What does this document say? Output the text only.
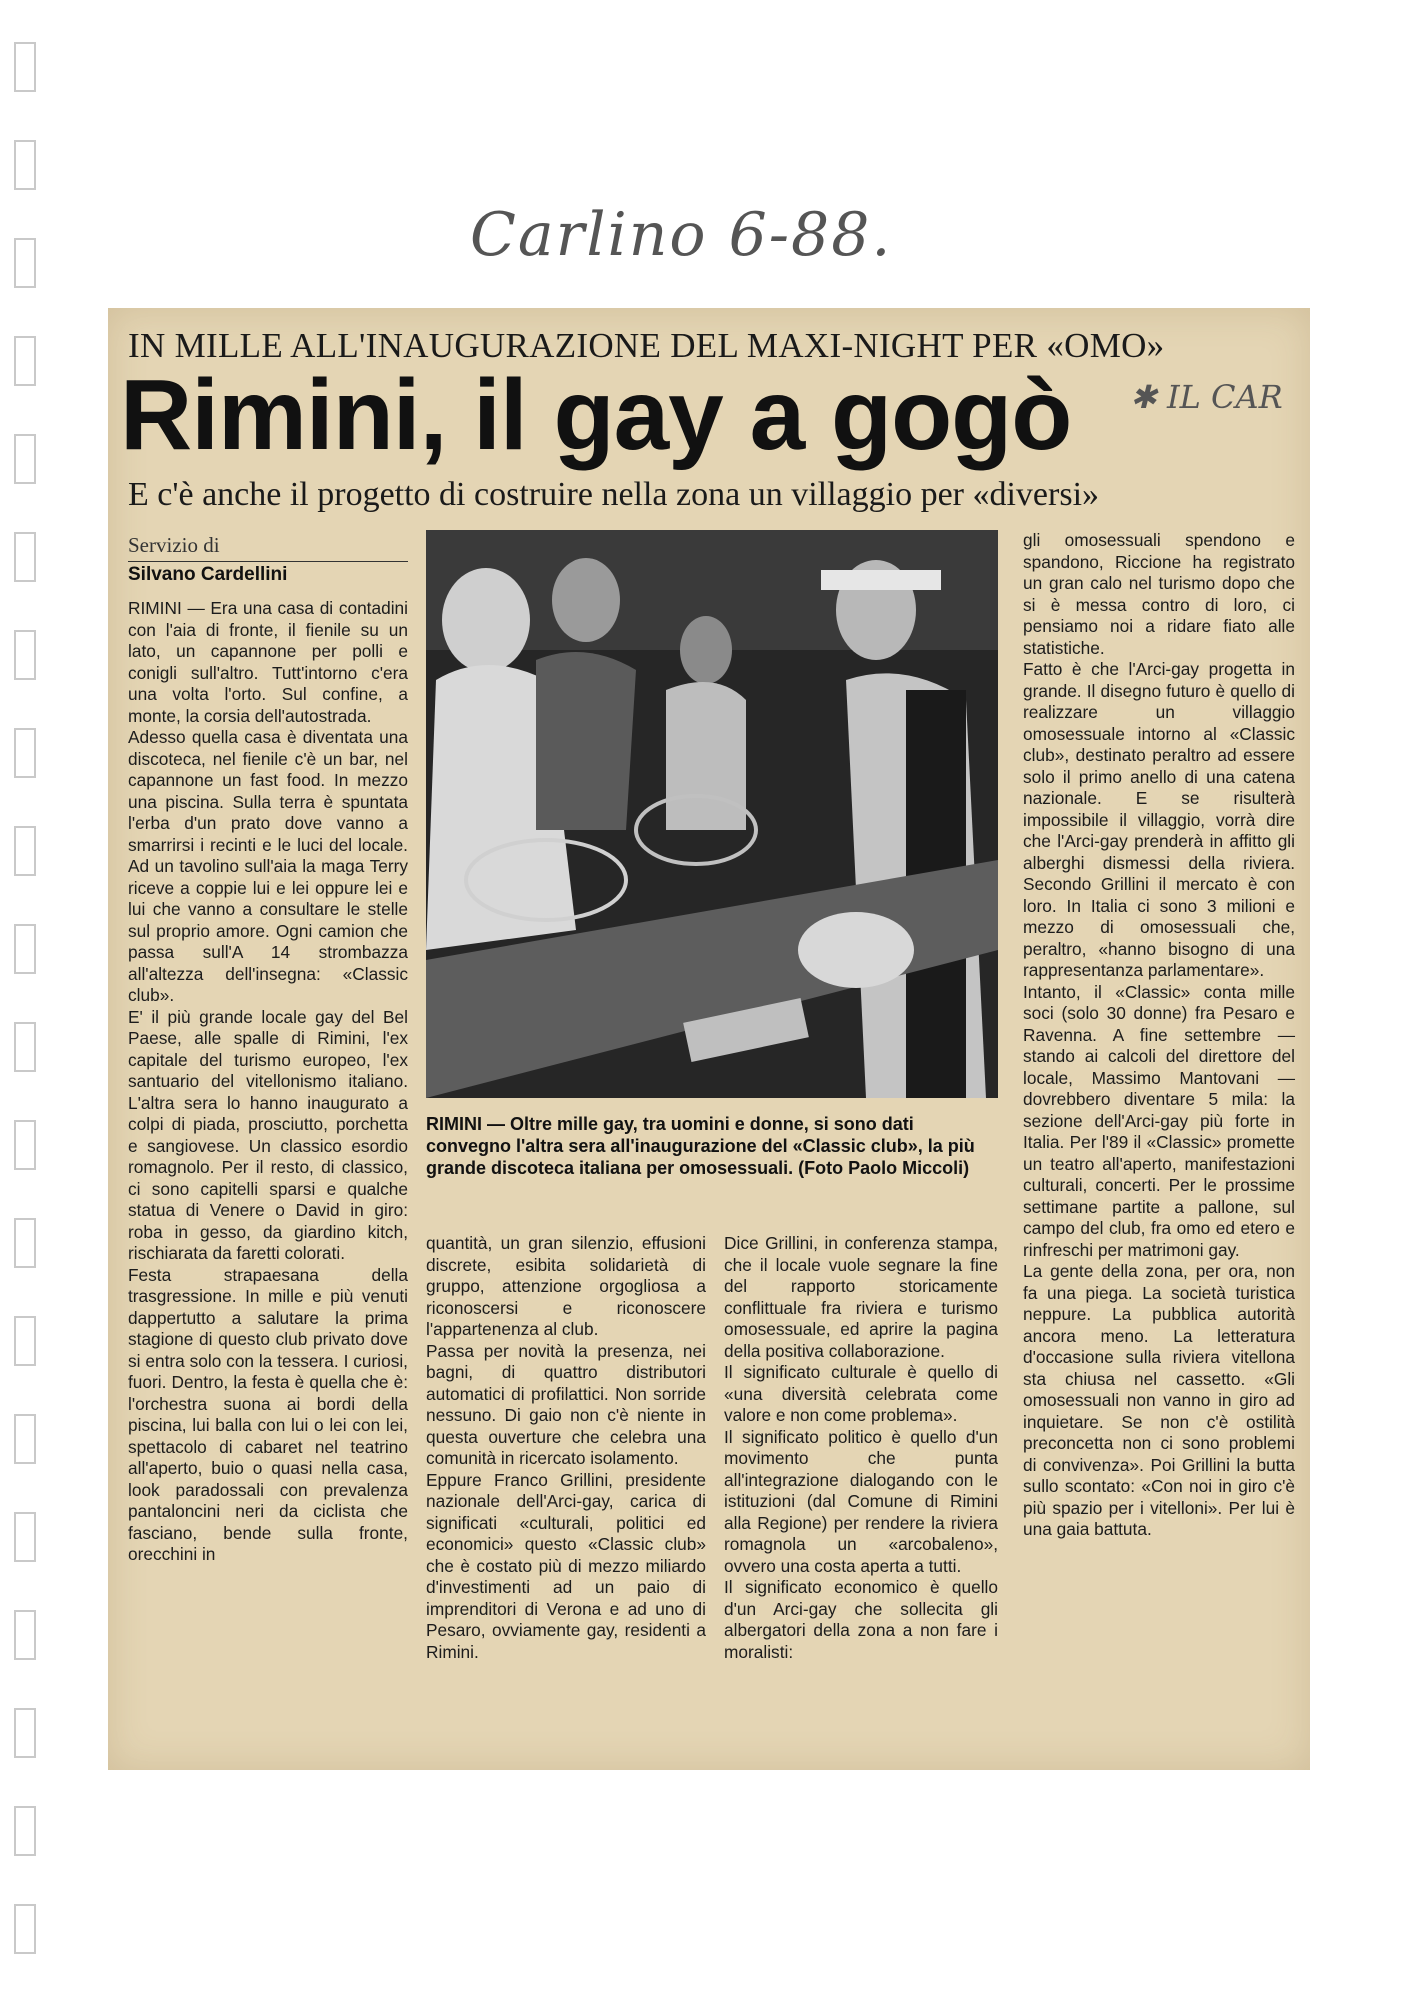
Carlino 6-88.
IN MILLE ALL'INAUGURAZIONE DEL MAXI-NIGHT PER «OMO»
Rimini, il gay a gogò
E c'è anche il progetto di costruire nella zona un villaggio per «diversi»
Servizio di
Silvano Cardellini

RIMINI — Era una casa di contadini con l'aia di fronte, il fienile su un lato, un capannone per polli e conigli sull'altro. Tutt'intorno c'era una volta l'orto. Sul confine, a monte, la corsia dell'autostrada.

Adesso quella casa è diventata una discoteca, nel fienile c'è un bar, nel capannone un fast food. In mezzo una piscina. Sulla terra è spuntata l'erba d'un prato dove vanno a smarrirsi i recinti e le luci del locale. Ad un tavolino sull'aia la maga Terry riceve a coppie lui e lei oppure lei e lui che vanno a consultare le stelle sul proprio amore. Ogni camion che passa sull'A 14 strombazza all'altezza dell'insegna: «Classic club».

E' il più grande locale gay del Bel Paese, alle spalle di Rimini, l'ex capitale del turismo europeo, l'ex santuario del vitellonismo italiano. L'altra sera lo hanno inaugurato a colpi di piada, prosciutto, porchetta e sangiovese. Un classico esordio romagnolo. Per il resto, di classico, ci sono capitelli sparsi e qualche statua di Venere o David in giro: roba in gesso, da giardino kitch, rischiarata da faretti colorati.

Festa strapaesana della trasgressione. In mille e più venuti dappertutto a salutare la prima stagione di questo club privato dove si entra solo con la tessera. I curiosi, fuori. Dentro, la festa è quella che è: l'orchestra suona ai bordi della piscina, lui balla con lui o lei con lei, spettacolo di cabaret nel teatrino all'aperto, buio o quasi nella casa, look paradossali con prevalenza pantaloncini neri da ciclista che fasciano, bende sulla fronte, orecchini in

RIMINI — Oltre mille gay, tra uomini e donne, si sono dati convegno l'altra sera all'inaugurazione del «Classic club», la più grande discoteca italiana per omosessuali. (Foto Paolo Miccoli)

quantità, un gran silenzio, effusioni discrete, esibita solidarietà di gruppo, attenzione orgogliosa a riconoscersi e riconoscere l'appartenenza al club.

Passa per novità la presenza, nei bagni, di quattro distributori automatici di profilattici. Non sorride nessuno. Di gaio non c'è niente in questa ouverture che celebra una comunità in ricercato isolamento.

Eppure Franco Grillini, presidente nazionale dell'Arci-gay, carica di significati «culturali, politici ed economici» questo «Classic club» che è costato più di mezzo miliardo d'investimenti ad un paio di imprenditori di Verona e ad uno di Pesaro, ovviamente gay, residenti a Rimini.

Dice Grillini, in conferenza stampa, che il locale vuole segnare la fine del rapporto storicamente conflittuale fra riviera e turismo omosessuale, ed aprire la pagina della positiva collaborazione.

Il significato culturale è quello di «una diversità celebrata come valore e non come problema».

Il significato politico è quello d'un movimento che punta all'integrazione dialogando con le istituzioni (dal Comune di Rimini alla Regione) per rendere la riviera romagnola un «arcobaleno», ovvero una costa aperta a tutti.

Il significato economico è quello d'un Arci-gay che sollecita gli albergatori della zona a non fare i moralisti:

gli omosessuali spendono e spandono, Riccione ha registrato un gran calo nel turismo dopo che si è messa contro di loro, ci pensiamo noi a ridare fiato alle statistiche.

Fatto è che l'Arci-gay progetta in grande. Il disegno futuro è quello di realizzare un villaggio omosessuale intorno al «Classic club», destinato peraltro ad essere solo il primo anello di una catena nazionale. E se risulterà impossibile il villaggio, vorrà dire che l'Arci-gay prenderà in affitto gli alberghi dismessi della riviera. Secondo Grillini il mercato è con loro. In Italia ci sono 3 milioni e mezzo di omosessuali che, peraltro, «hanno bisogno di una rappresentanza parlamentare».

Intanto, il «Classic» conta mille soci (solo 30 donne) fra Pesaro e Ravenna. A fine settembre — stando ai calcoli del direttore del locale, Massimo Mantovani — dovrebbero diventare 5 mila: la sezione dell'Arci-gay più forte in Italia. Per l'89 il «Classic» promette un teatro all'aperto, manifestazioni culturali, concerti. Per le prossime settimane partite a pallone, sul campo del club, fra omo ed etero e rinfreschi per matrimoni gay.

La gente della zona, per ora, non fa una piega. La società turistica neppure. La pubblica autorità ancora meno. La letteratura d'occasione sulla riviera vitellona sta chiusa nel cassetto. «Gli omosessuali non vanno in giro ad inquietare. Se non c'è ostilità preconcetta non ci sono problemi di convivenza». Poi Grillini la butta sullo scontato: «Con noi in giro c'è più spazio per i vitelloni». Per lui è una gaia battuta.

✱ IL CAR
